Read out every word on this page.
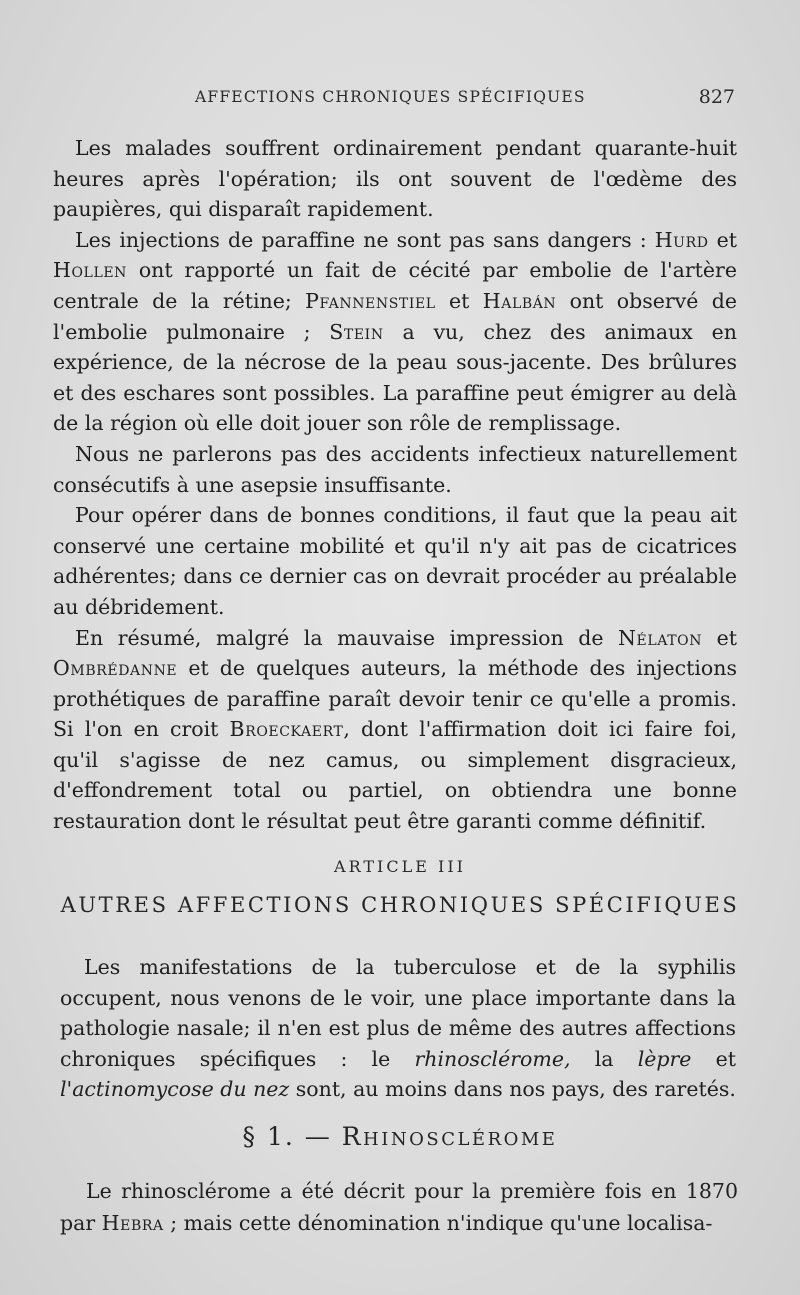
AFFECTIONS CHRONIQUES SPÉCIFIQUES	827

Les malades souffrent ordinairement pendant quarante-huit heures après l'opération; ils ont souvent de l'œdème des paupières, qui disparaît rapidement.

Les injections de paraffine ne sont pas sans dangers : Hurd et Hollen ont rapporté un fait de cécité par embolie de l'artère centrale de la rétine; Pfannenstiel et Halbán ont observé de l'embolie pulmonaire ; Stein a vu, chez des animaux en expérience, de la nécrose de la peau sous-jacente. Des brûlures et des eschares sont possibles. La paraffine peut émigrer au delà de la région où elle doit jouer son rôle de remplissage.

Nous ne parlerons pas des accidents infectieux naturellement consécutifs à une asepsie insuffisante.

Pour opérer dans de bonnes conditions, il faut que la peau ait conservé une certaine mobilité et qu'il n'y ait pas de cicatrices adhérentes; dans ce dernier cas on devrait procéder au préalable au débridement.

En résumé, malgré la mauvaise impression de Nélaton et Ombrédanne et de quelques auteurs, la méthode des injections prothétiques de paraffine paraît devoir tenir ce qu'elle a promis. Si l'on en croit Broeckaert, dont l'affirmation doit ici faire foi, qu'il s'agisse de nez camus, ou simplement disgracieux, d'effondrement total ou partiel, on obtiendra une bonne restauration dont le résultat peut être garanti comme définitif.

ARTICLE III
AUTRES AFFECTIONS CHRONIQUES SPÉCIFIQUES

Les manifestations de la tuberculose et de la syphilis occupent, nous venons de le voir, une place importante dans la pathologie nasale; il n'en est plus de même des autres affections chroniques spécifiques : le rhinosclérome, la lèpre et l'actinomycose du nez sont, au moins dans nos pays, des raretés.

§ 1. — Rhinosclérome

Le rhinosclérome a été décrit pour la première fois en 1870 par Hebra ; mais cette dénomination n'indique qu'une localisa-
